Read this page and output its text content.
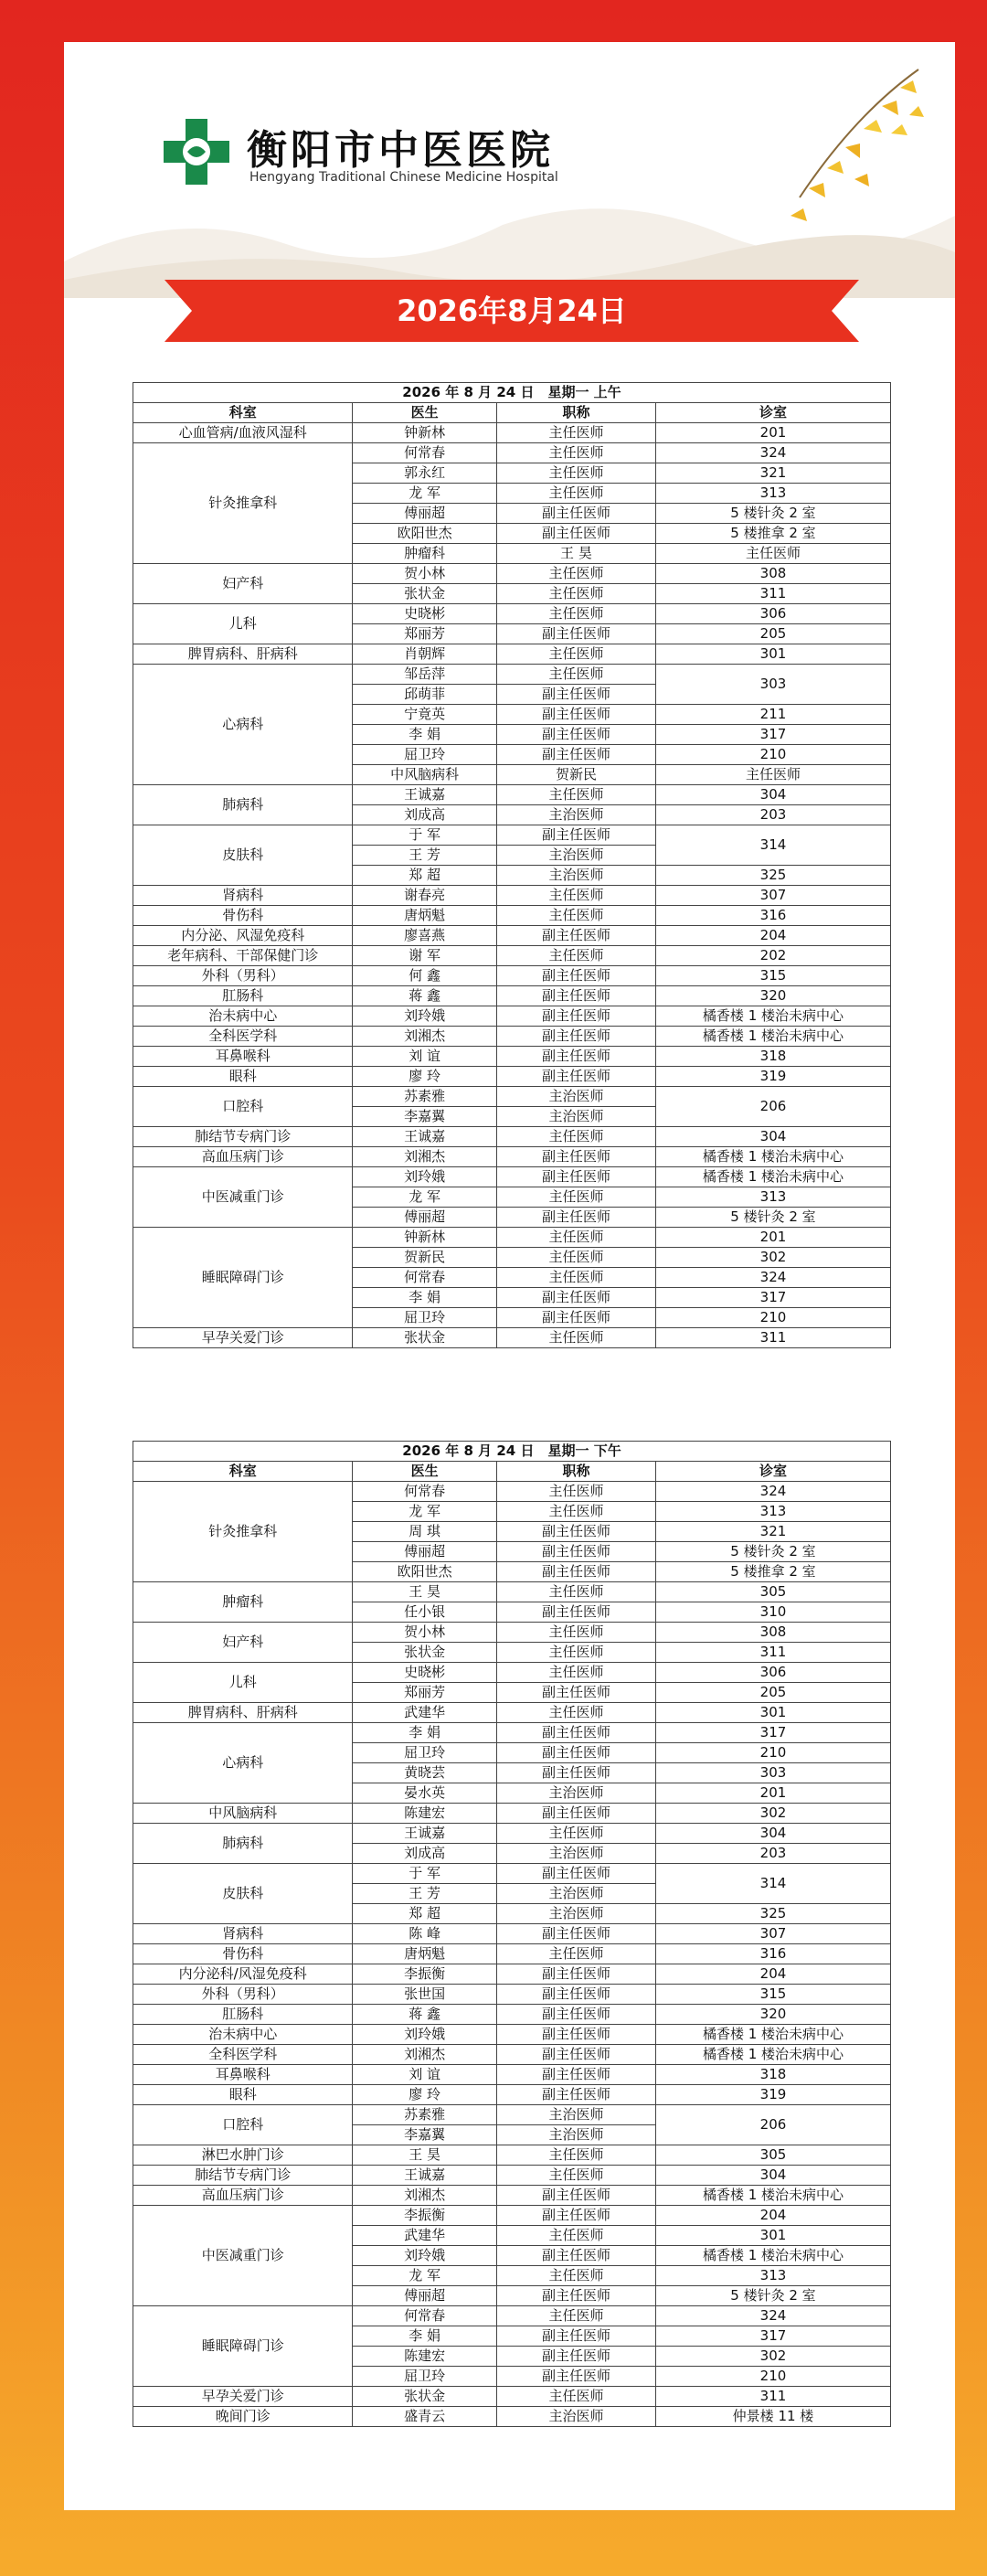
衡阳市中医医院
Hengyang Traditional Chinese Medicine Hospital
2026年8月24日
2026 年 8 月 24 日　星期一 上午				
科室	医生	职称	诊室	
心血管病/血液风湿科	钟新林	主任医师	201	
针灸推拿科	何常春	主任医师	324	
	郭永红	主任医师	321	
	龙 军	主任医师	313	
	傅丽超	副主任医师	5 楼针灸 2 室	
	欧阳世杰	副主任医师	5 楼推拿 2 室	
	肿瘤科	王 昊	主任医师	
妇产科	贺小林	主任医师	308	
	张状金	主任医师	311	
儿科	史晓彬	主任医师	306	
	郑丽芳	副主任医师	205	
脾胃病科、肝病科	肖朝辉	主任医师	301	
心病科	邹岳萍	主任医师	303	
	邱萌菲	副主任医师		
	宁竟英	副主任医师	211	
	李 娟	副主任医师	317	
	屈卫玲	副主任医师	210	
	中风脑病科	贺新民	主任医师	
肺病科	王诚嘉	主任医师	304	
	刘成高	主治医师	203	
皮肤科	于 军	副主任医师	314	
	王 芳	主治医师		
	郑 超	主治医师	325	
肾病科	谢春亮	主任医师	307	
骨伤科	唐炳魁	主任医师	316	
内分泌、风湿免疫科	廖喜燕	副主任医师	204	
老年病科、干部保健门诊	谢 军	主任医师	202	
外科（男科）	何 鑫	副主任医师	315	
肛肠科	蒋 鑫	副主任医师	320	
治未病中心	刘玲娥	副主任医师	橘香楼 1 楼治未病中心	
全科医学科	刘湘杰	副主任医师	橘香楼 1 楼治未病中心	
耳鼻喉科	刘 谊	副主任医师	318	
眼科	廖 玲	副主任医师	319	
口腔科	苏素雅	主治医师	206	
	李嘉翼	主治医师		
肺结节专病门诊	王诚嘉	主任医师	304	
高血压病门诊	刘湘杰	副主任医师	橘香楼 1 楼治未病中心	
中医减重门诊	刘玲娥	副主任医师	橘香楼 1 楼治未病中心	
	龙 军	主任医师	313	
	傅丽超	副主任医师	5 楼针灸 2 室	
睡眠障碍门诊	钟新林	主任医师	201	
	贺新民	主任医师	302	
	何常春	主任医师	324	
	李 娟	副主任医师	317	
	屈卫玲	副主任医师	210	
早孕关爱门诊	张状金	主任医师	311	
2026 年 8 月 24 日　星期一 下午			
科室	医生	职称	诊室
针灸推拿科	何常春	主任医师	324
	龙 军	主任医师	313
	周 琪	副主任医师	321
	傅丽超	副主任医师	5 楼针灸 2 室
	欧阳世杰	副主任医师	5 楼推拿 2 室
肿瘤科	王 昊	主任医师	305
	任小银	副主任医师	310
妇产科	贺小林	主任医师	308
	张状金	主任医师	311
儿科	史晓彬	主任医师	306
	郑丽芳	副主任医师	205
脾胃病科、肝病科	武建华	主任医师	301
心病科	李 娟	副主任医师	317
	屈卫玲	副主任医师	210
	黄晓芸	副主任医师	303
	晏水英	主治医师	201
中风脑病科	陈建宏	副主任医师	302
肺病科	王诚嘉	主任医师	304
	刘成高	主治医师	203
皮肤科	于 军	副主任医师	314
	王 芳	主治医师	
	郑 超	主治医师	325
肾病科	陈 峰	副主任医师	307
骨伤科	唐炳魁	主任医师	316
内分泌科/风湿免疫科	李振衡	副主任医师	204
外科（男科）	张世国	副主任医师	315
肛肠科	蒋 鑫	副主任医师	320
治未病中心	刘玲娥	副主任医师	橘香楼 1 楼治未病中心
全科医学科	刘湘杰	副主任医师	橘香楼 1 楼治未病中心
耳鼻喉科	刘 谊	副主任医师	318
眼科	廖 玲	副主任医师	319
口腔科	苏素雅	主治医师	206
	李嘉翼	主治医师	
淋巴水肿门诊	王 昊	主任医师	305
肺结节专病门诊	王诚嘉	主任医师	304
高血压病门诊	刘湘杰	副主任医师	橘香楼 1 楼治未病中心
中医减重门诊	李振衡	副主任医师	204
	武建华	主任医师	301
	刘玲娥	副主任医师	橘香楼 1 楼治未病中心
	龙 军	主任医师	313
	傅丽超	副主任医师	5 楼针灸 2 室
睡眠障碍门诊	何常春	主任医师	324
	李 娟	副主任医师	317
	陈建宏	副主任医师	302
	屈卫玲	副主任医师	210
早孕关爱门诊	张状金	主任医师	311
晚间门诊	盛青云	主治医师	仲景楼 11 楼
